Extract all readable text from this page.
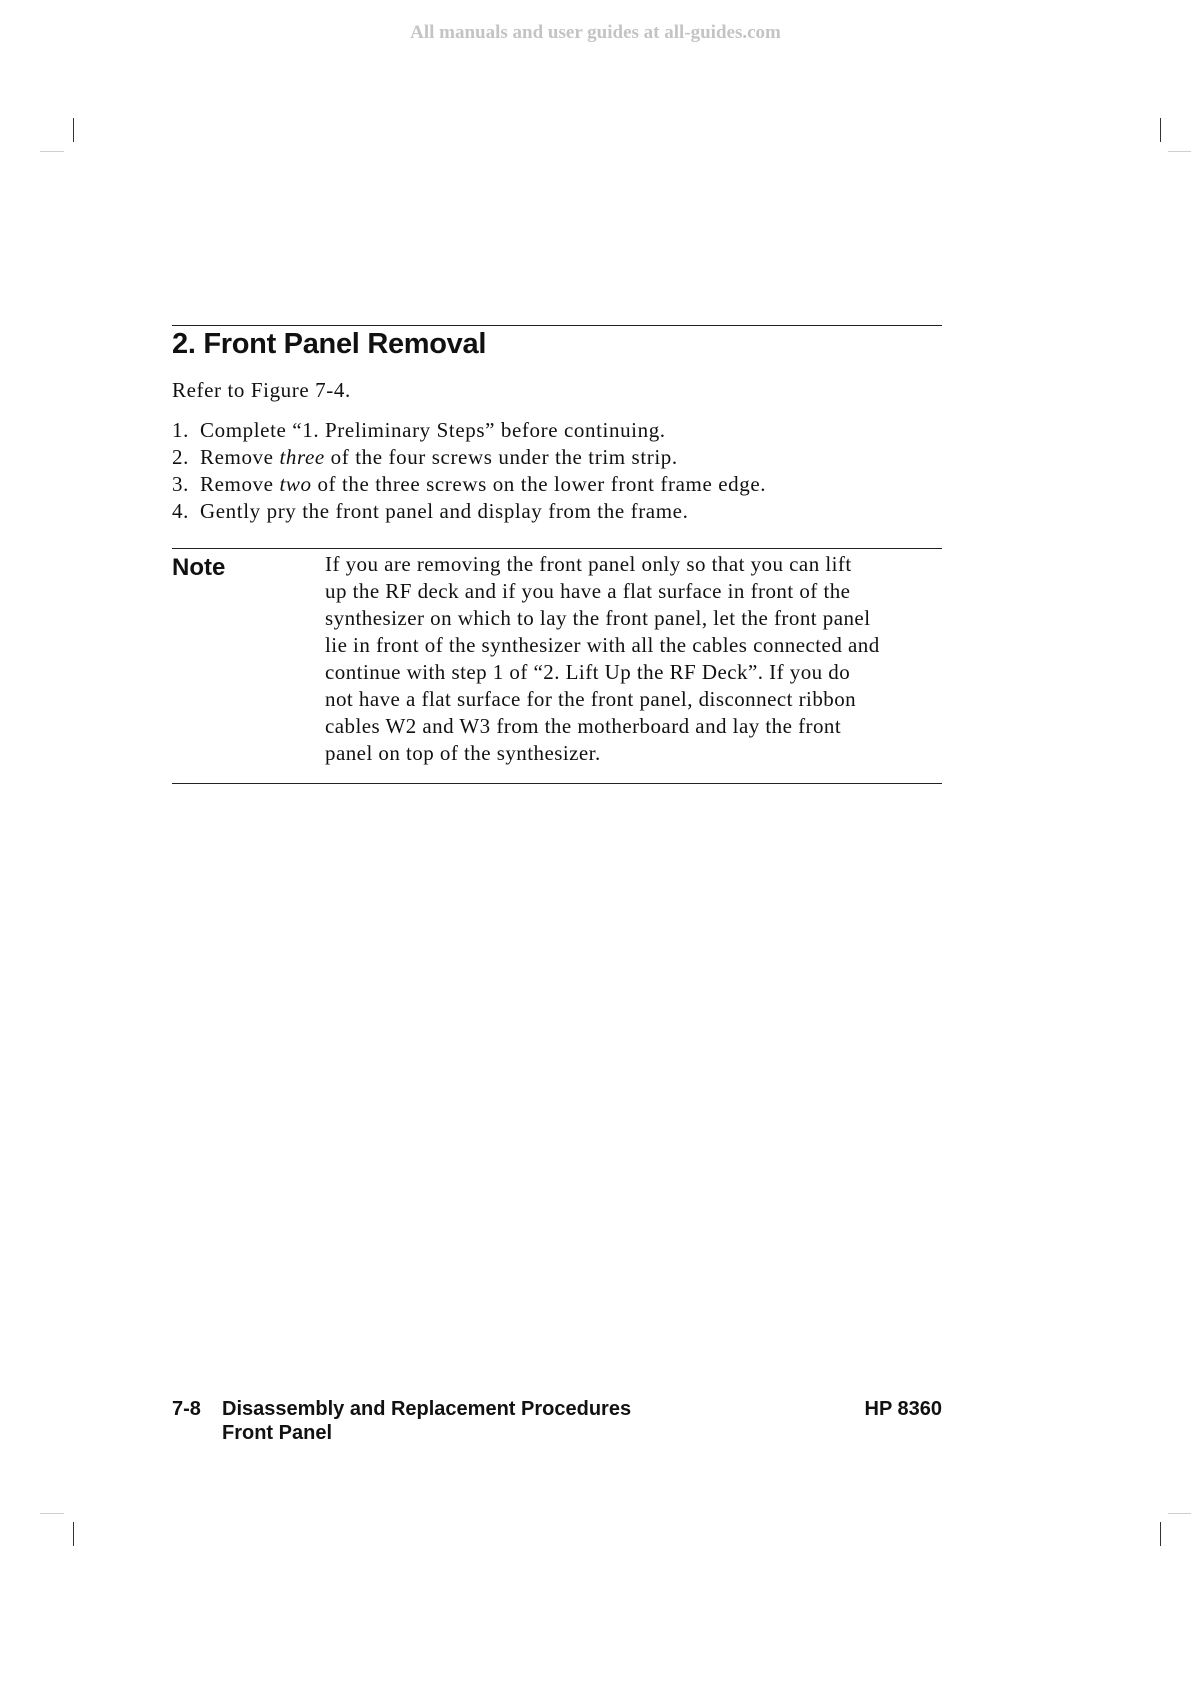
All manuals and user guides at all-guides.com
2. Front Panel Removal

Refer to Figure 7-4.

1. Complete “1. Preliminary Steps” before continuing.
2. Remove three of the four screws under the trim strip.
3. Remove two of the three screws on the lower front frame edge.
4. Gently pry the front panel and display from the frame.
Note	If you are removing the front panel only so that you can lift
up the RF deck and if you have a flat surface in front of the
synthesizer on which to lay the front panel, let the front panel
lie in front of the synthesizer with all the cables connected and
continue with step 1 of “2. Lift Up the RF Deck”. If you do
not have a flat surface for the front panel, disconnect ribbon
cables W2 and W3 from the motherboard and lay the front
panel on top of the synthesizer.

7-8 Disassembly and Replacement Procedures
Front Panel
HP 8360
